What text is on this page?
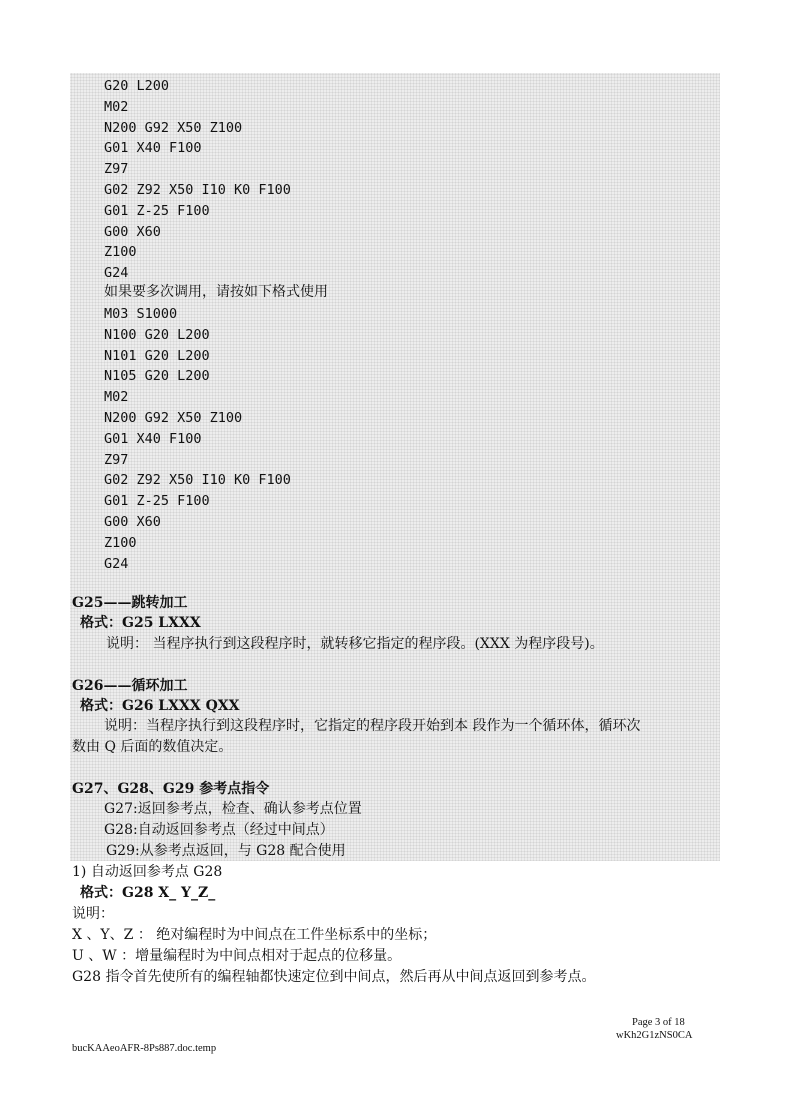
G20 L200
M02
N200 G92 X50 Z100
G01 X40 F100
Z97
G02 Z92 X50 I10 K0 F100
G01 Z-25 F100
G00 X60
Z100
G24
如果要多次调用，请按如下格式使用
M03 S1000
N100 G20 L200
N101 G20 L200
N105 G20 L200
M02
N200 G92 X50 Z100
G01 X40 F100
Z97
G02 Z92 X50 I10 K0 F100
G01 Z-25 F100
G00 X60
Z100
G24
G25——跳转加工
格式：G25 LXXX
说明： 当程序执行到这段程序时，就转移它指定的程序段。(XXX 为程序段号)。
G26——循环加工
格式：G26 LXXX QXX
说明：当程序执行到这段程序时，它指定的程序段开始到本 段作为一个循环体，循环次
数由 Q 后面的数值决定。
G27、G28、G29 参考点指令
G27:返回参考点，检查、确认参考点位置
G28:自动返回参考点（经过中间点）
G29:从参考点返回，与 G28 配合使用
1) 自动返回参考点 G28
格式：G28 X_ Y_Z_
说明：
X 、Y、Z ： 绝对编程时为中间点在工件坐标系中的坐标；
U 、W ：增量编程时为中间点相对于起点的位移量。
G28 指令首先使所有的编程轴都快速定位到中间点，然后再从中间点返回到参考点。
Page 3 of 18
wKh2G1zNS0CA
bucKAAeoAFR-8Ps887.doc.temp
